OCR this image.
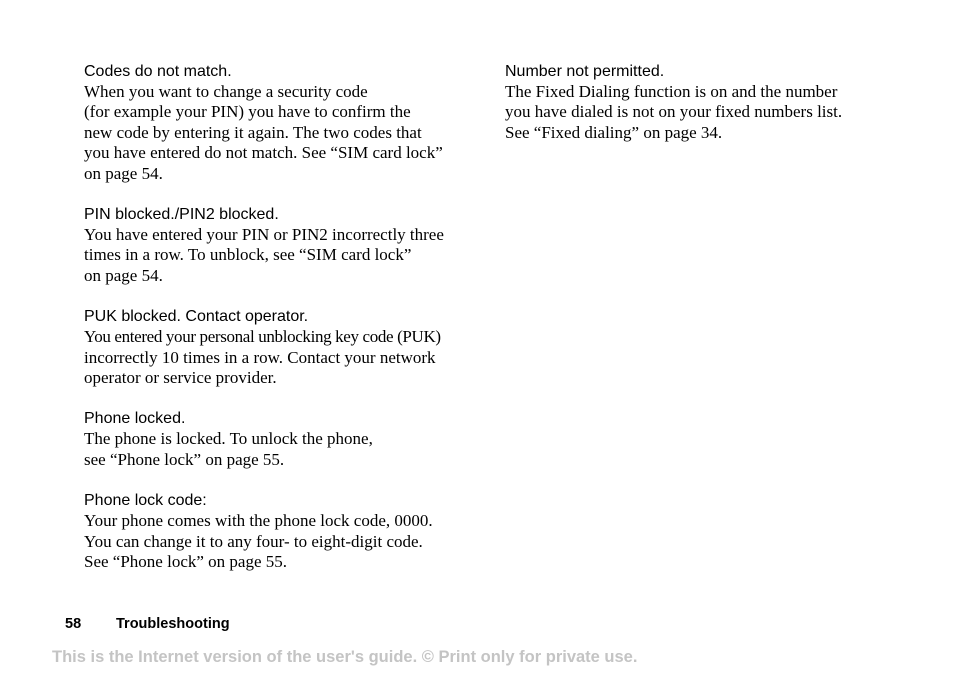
Codes do not match.

When you want to change a security code
(for example your PIN) you have to confirm the
new code by entering it again. The two codes that
you have entered do not match. See “SIM card lock”
on page 54.

PIN blocked./PIN2 blocked.

You have entered your PIN or PIN2 incorrectly three
times in a row. To unblock, see “SIM card lock”
on page 54.

PUK blocked. Contact operator.

You entered your personal unblocking key code (PUK)
incorrectly 10 times in a row. Contact your network
operator or service provider.

Phone locked.

The phone is locked. To unlock the phone,
see “Phone lock” on page 55.

Phone lock code:

Your phone comes with the phone lock code, 0000.
You can change it to any four- to eight-digit code.
See “Phone lock” on page 55.

Number not permitted.

The Fixed Dialing function is on and the number
you have dialed is not on your fixed numbers list.
See “Fixed dialing” on page 34.
58 Troubleshooting
This is the Internet version of the user's guide. © Print only for private use.
